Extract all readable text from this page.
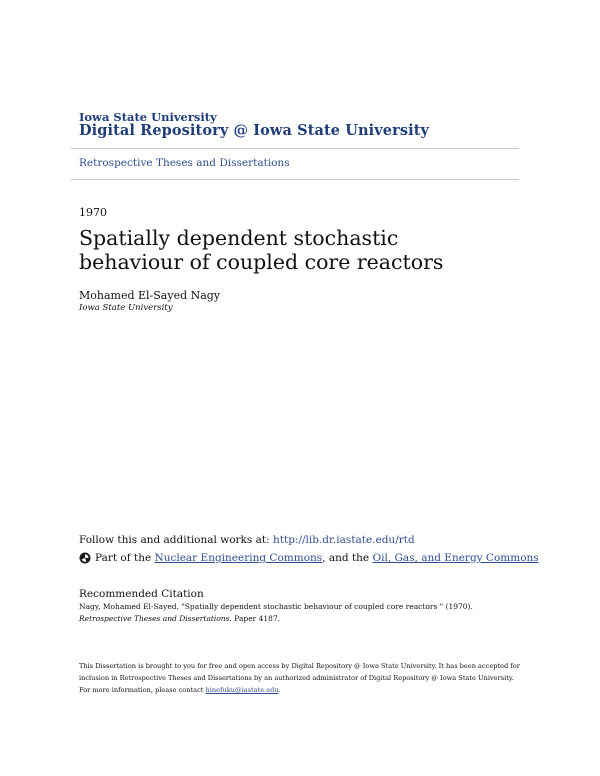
Iowa State University
Digital Repository @ Iowa State University
Retrospective Theses and Dissertations
1970
Spatially dependent stochastic behaviour of coupled core reactors
Mohamed El-Sayed Nagy
Iowa State University
Follow this and additional works at: http://lib.dr.iastate.edu/rtd
Part of the Nuclear Engineering Commons, and the Oil, Gas, and Energy Commons
Recommended Citation
Nagy, Mohamed El-Sayed, "Spatially dependent stochastic behaviour of coupled core reactors " (1970). Retrospective Theses and Dissertations. Paper 4187.
This Dissertation is brought to you for free and open access by Digital Repository @ Iowa State University. It has been accepted for inclusion in Retrospective Theses and Dissertations by an authorized administrator of Digital Repository @ Iowa State University. For more information, please contact hinefuku@iastate.edu.
